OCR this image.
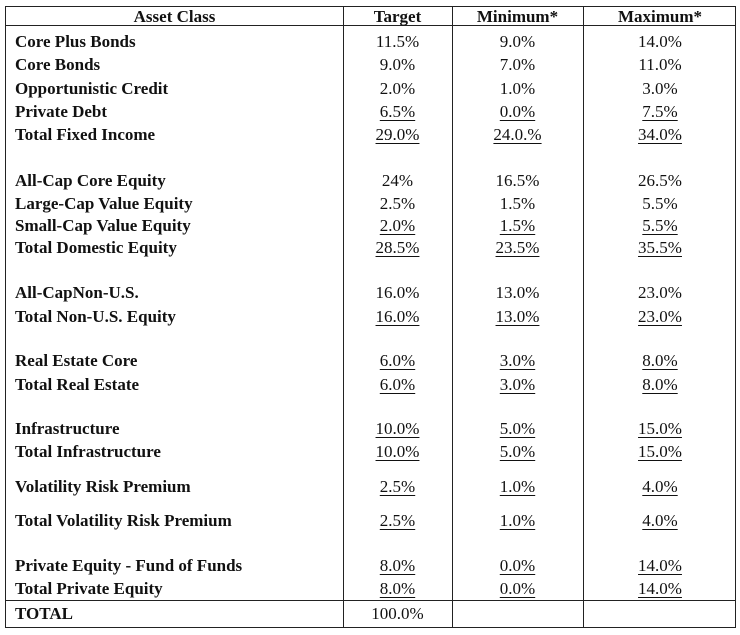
Asset Class	Target	Minimum*	Maximum*
Core Plus Bonds	11.5%	9.0%	14.0%
Core Bonds	9.0%	7.0%	11.0%
Opportunistic Credit	2.0%	1.0%	3.0%
Private Debt	6.5%	0.0%	7.5%
Total Fixed Income	29.0%	24.0.%	34.0%
All-Cap Core Equity	24%	16.5%	26.5%
Large-Cap Value Equity	2.5%	1.5%	5.5%
Small-Cap Value Equity	2.0%	1.5%	5.5%
Total Domestic Equity	28.5%	23.5%	35.5%
All-CapNon-U.S.	16.0%	13.0%	23.0%
Total Non-U.S. Equity	16.0%	13.0%	23.0%
Real Estate Core	6.0%	3.0%	8.0%
Total Real Estate	6.0%	3.0%	8.0%
Infrastructure	10.0%	5.0%	15.0%
Total Infrastructure	10.0%	5.0%	15.0%
Volatility Risk Premium	2.5%	1.0%	4.0%
Total Volatility Risk Premium	2.5%	1.0%	4.0%
Private Equity - Fund of Funds	8.0%	0.0%	14.0%
Total Private Equity	8.0%	0.0%	14.0%
TOTAL	100.0%
